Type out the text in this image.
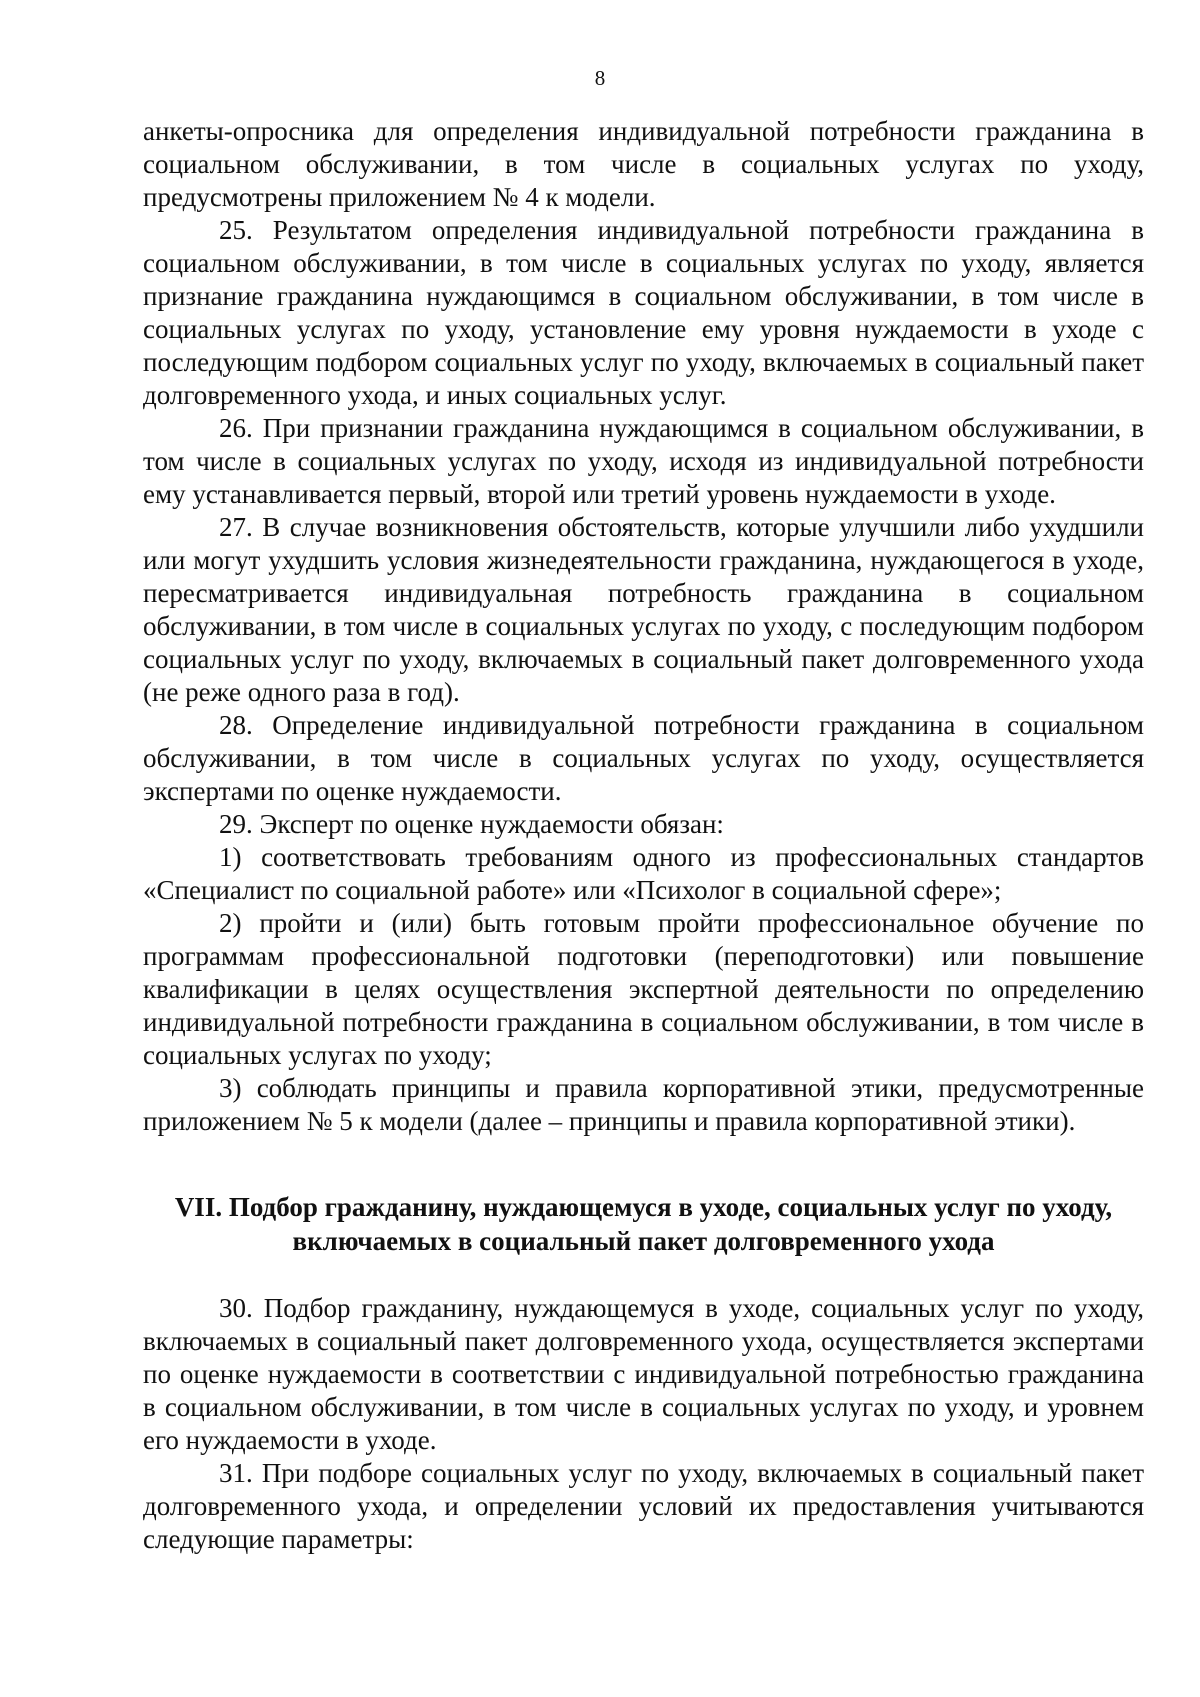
8

анкеты-опросника для определения индивидуальной потребности гражданина в социальном обслуживании, в том числе в социальных услугах по уходу, предусмотрены приложением № 4 к модели.

25. Результатом определения индивидуальной потребности гражданина в социальном обслуживании, в том числе в социальных услугах по уходу, является признание гражданина нуждающимся в социальном обслуживании, в том числе в социальных услугах по уходу, установление ему уровня нуждаемости в уходе с последующим подбором социальных услуг по уходу, включаемых в социальный пакет долговременного ухода, и иных социальных услуг.

26. При признании гражданина нуждающимся в социальном обслуживании, в том числе в социальных услугах по уходу, исходя из индивидуальной потребности ему устанавливается первый, второй или третий уровень нуждаемости в уходе.

27. В случае возникновения обстоятельств, которые улучшили либо ухудшили или могут ухудшить условия жизнедеятельности гражданина, нуждающегося в уходе, пересматривается индивидуальная потребность гражданина в социальном обслуживании, в том числе в социальных услугах по уходу, с последующим подбором социальных услуг по уходу, включаемых в социальный пакет долговременного ухода (не реже одного раза в год).

28. Определение индивидуальной потребности гражданина в социальном обслуживании, в том числе в социальных услугах по уходу, осуществляется экспертами по оценке нуждаемости.

29. Эксперт по оценке нуждаемости обязан:

1) соответствовать требованиям одного из профессиональных стандартов «Специалист по социальной работе» или «Психолог в социальной сфере»;

2) пройти и (или) быть готовым пройти профессиональное обучение по программам профессиональной подготовки (переподготовки) или повышение квалификации в целях осуществления экспертной деятельности по определению индивидуальной потребности гражданина в социальном обслуживании, в том числе в социальных услугах по уходу;

3) соблюдать принципы и правила корпоративной этики, предусмотренные приложением № 5 к модели (далее – принципы и правила корпоративной этики).

VII. Подбор гражданину, нуждающемуся в уходе, социальных услуг по уходу,
включаемых в социальный пакет долговременного ухода

30. Подбор гражданину, нуждающемуся в уходе, социальных услуг по уходу, включаемых в социальный пакет долговременного ухода, осуществляется экспертами по оценке нуждаемости в соответствии с индивидуальной потребностью гражданина в социальном обслуживании, в том числе в социальных услугах по уходу, и уровнем его нуждаемости в уходе.

31. При подборе социальных услуг по уходу, включаемых в социальный пакет долговременного ухода, и определении условий их предоставления учитываются следующие параметры:
